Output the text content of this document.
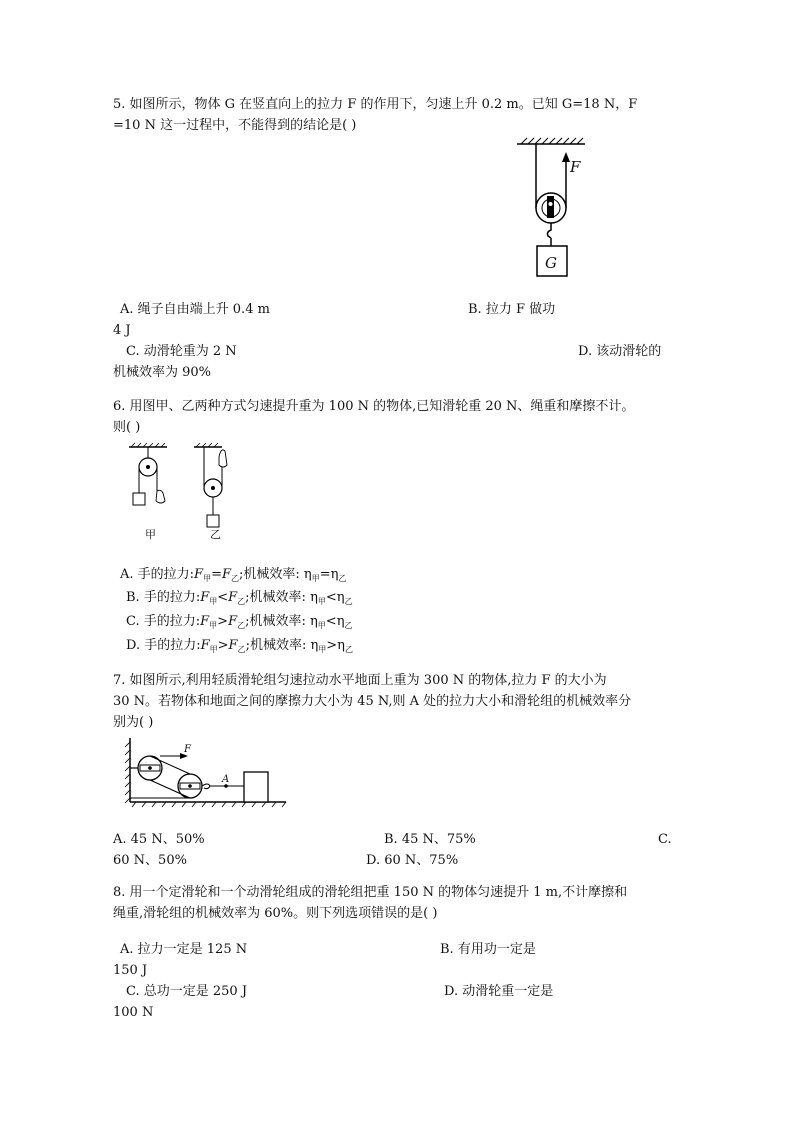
5. 如图所示，物体 G 在竖直向上的拉力 F 的作用下，匀速上升 0.2 m。已知 G=18 N，F
=10 N 这一过程中，不能得到的结论是( )
F
G
A. 绳子自由端上升 0.4 m	B. 拉力 F 做功
4 J
C. 动滑轮重为 2 N	D. 该动滑轮的
机械效率为 90%
6. 用图甲、乙两种方式匀速提升重为 100 N 的物体,已知滑轮重 20 N、绳重和摩擦不计。
则( )
甲	乙
A. 手的拉力$:F_甲=F_乙$;机械效率: $\eta_甲=\eta_乙$
B. 手的拉力$:F_甲<F_乙$;机械效率: $\eta_甲<\eta_乙$
C. 手的拉力$:F_甲>F_乙$;机械效率: $\eta_甲<\eta_乙$
D. 手的拉力$:F_甲>F_乙$;机械效率: $\eta_甲>\eta_乙$
7. 如图所示,利用轻质滑轮组匀速拉动水平地面上重为 300 N 的物体,拉力 F 的大小为
30 N。若物体和地面之间的摩擦力大小为 45 N,则 A 处的拉力大小和滑轮组的机械效率分
别为( )
F
A
A. 45 N、50%	B. 45 N、75%	C.
60 N、50%	D. 60 N、75%
8. 用一个定滑轮和一个动滑轮组成的滑轮组把重 150 N 的物体匀速提升 1 m,不计摩擦和
绳重,滑轮组的机械效率为 60%。则下列选项错误的是( )
A. 拉力一定是 125 N	B. 有用功一定是
150 J
C. 总功一定是 250 J	D. 动滑轮重一定是
100 N
